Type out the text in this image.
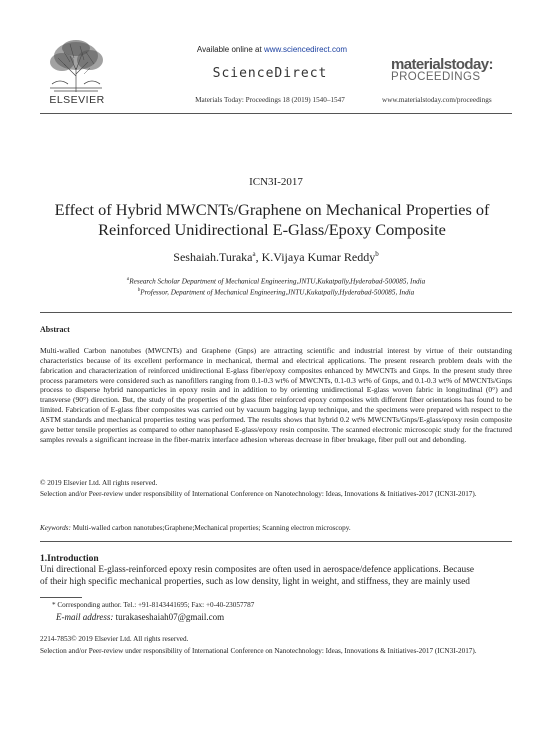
ELSEVIER
Available online at www.sciencedirect.com
ScienceDirect
Materials Today: Proceedings 18 (2019) 1540–1547
materialstoday:
PROCEEDINGS
www.materialstoday.com/proceedings
ICN3I-2017
Effect of Hybrid MWCNTs/Graphene on Mechanical Properties of
Reinforced Unidirectional E-Glass/Epoxy Composite
Seshaiah.Turaka$^a$, K.Vijaya Kumar Reddy$^b$
$^a$Research Scholar Department of Mechanical Engineering,JNTU,Kukatpally,Hyderabad-500085, India
$^b$Professor, Department of Mechanical Engineering,JNTU,Kukatpally,Hyderabad-500085, India
Abstract
Multi-walled Carbon nanotubes (MWCNTs) and Graphene (Gnps) are attracting scientific and industrial interest by virtue of their outstanding characteristics because of its excellent performance in mechanical, thermal and electrical applications. The present research problem deals with the fabrication and characterization of reinforced unidirectional E-glass fiber/epoxy composites enhanced by MWCNTs and Gnps. In the present study three process parameters were considered such as nanofillers ranging from 0.1-0.3 wt% of MWCNTs, 0.1-0.3 wt% of Gnps, and 0.1-0.3 wt% of MWCNTs/Gnps process to disperse hybrid nanoparticles in epoxy resin and in addition to by orienting unidirectional E-glass woven fabric in longitudinal (0°) and transverse (90°) direction. But, the study of the properties of the glass fiber reinforced epoxy composites with different fiber orientations has found to be limited. Fabrication of E-glass fiber composites was carried out by vacuum bagging layup technique, and the specimens were prepared with respect to the ASTM standards and mechanical properties testing was performed. The results shows that hybrid 0.2 wt% MWCNTs/Gnps/E-glass/epoxy resin composite gave better tensile properties as compared to other nanophased E-glass/epoxy resin composite. The scanned electronic microscopic study for the fractured samples reveals a significant increase in the fiber-matrix interface adhesion whereas decrease in fiber breakage, fiber pull out and debonding.
© 2019 Elsevier Ltd. All rights reserved.
Selection and/or Peer-review under responsibility of International Conference on Nanotechnology: Ideas, Innovations & Initiatives-2017 (ICN3I-2017).
Keywords: Multi-walled carbon nanotubes;Graphene;Mechanical properties; Scanning electron microscopy.
1.Introduction
Uni directional E-glass-reinforced epoxy resin composites are often used in aerospace/defence applications. Because
of their high specific mechanical properties, such as low density, light in weight, and stiffness, they are mainly used
* Corresponding author. Tel.: +91-8143441695; Fax: +0-40-23057787
E-mail address: turakaseshaiah07@gmail.com
2214-7853© 2019 Elsevier Ltd. All rights reserved.
Selection and/or Peer-review under responsibility of International Conference on Nanotechnology: Ideas, Innovations & Initiatives-2017 (ICN3I-2017).
